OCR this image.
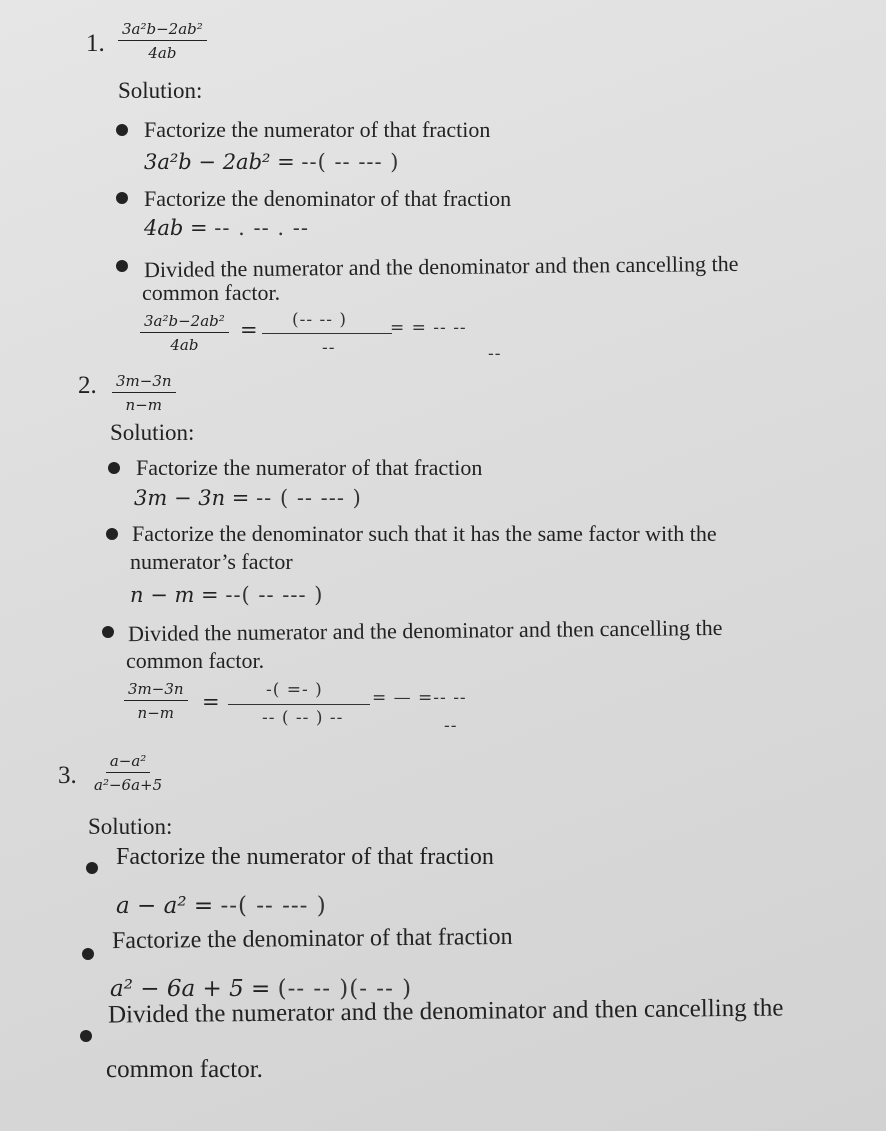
1. $\frac{\text{3a²b−2ab²}}{4ab}$
Solution:
Factorize the numerator of that fraction
3a²b − 2ab² = --( -- --- )
Factorize the denominator of that fraction
4ab = -- . -- . --
Divided the numerator and the denominator and then cancelling the
common factor.
$\frac{\text{3a²b−2ab²}}{4ab}$ = (-- -- )
--
= = -- --
--
2. $\frac{3m-3n}{n-m}$
Solution:
Factorize the numerator of that fraction
3m − 3n = -- ( -- --- )
Factorize the denominator such that it has the same factor with the
numerator’s factor
n − m = --( -- --- )
Divided the numerator and the denominator and then cancelling the
common factor.
$\frac{3m-3n}{n-m}$ =	-( =- )
-- ( -- ) --
= — =-- --
--
3. $\frac{\text{a−a²}}{\text{a²−6a+5}}$
Solution:
Factorize the numerator of that fraction
a − a² = --( -- --- )
Factorize the denominator of that fraction
a² − 6a + 5 = (-- -- )(- -- )
Divided the numerator and the denominator and then cancelling the
common factor.
